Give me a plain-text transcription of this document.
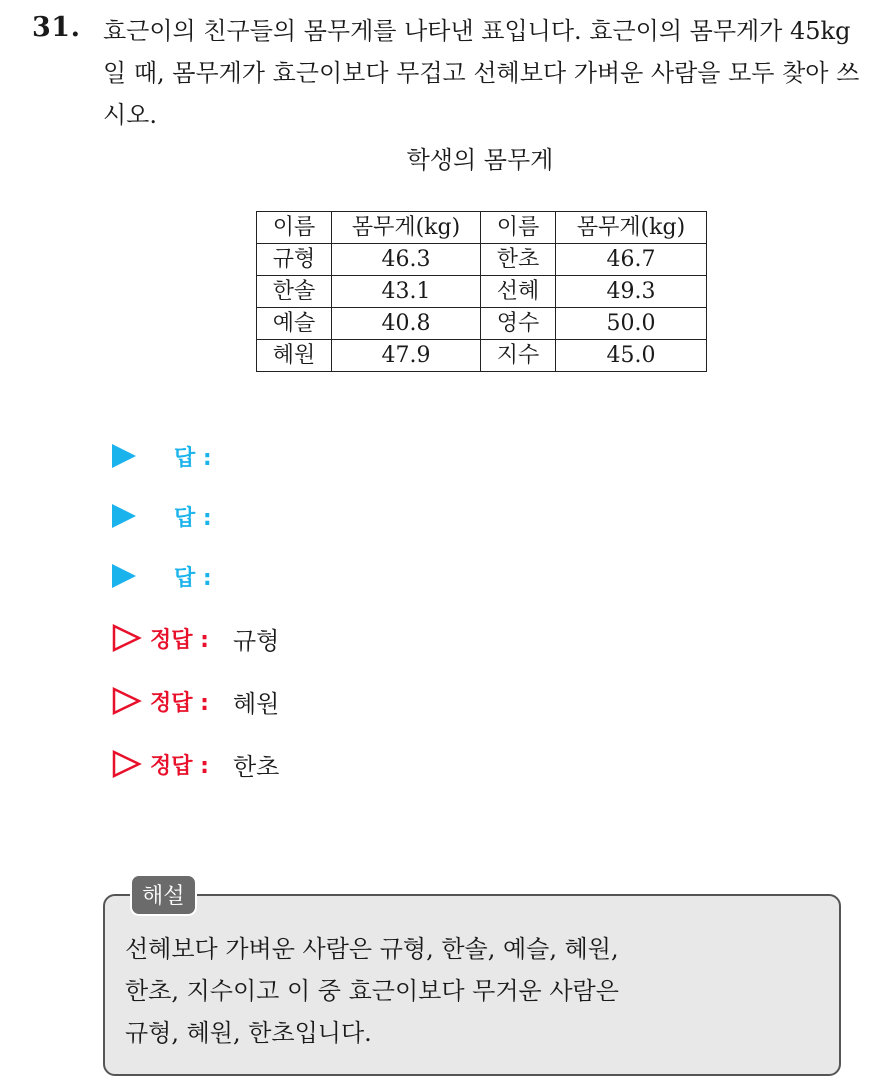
31. 효근이의 친구들의 몸무게를 나타낸 표입니다. 효근이의 몸무게가 45kg 일 때, 몸무게가 효근이보다 무겁고 선혜보다 가벼운 사람을 모두 찾아 쓰시오.
학생의 몸무게
이름	몸무게(kg)	이름	몸무게(kg)
규형	46.3	한초	46.7
한솔	43.1	선혜	49.3
예슬	40.8	영수	50.0
혜원	47.9	지수	45.0
답 :
답 :
답 :
정답 : 규형
정답 : 혜원
정답 : 한초
해설
선혜보다 가벼운 사람은 규형, 한솔, 예슬, 혜원,
한초, 지수이고 이 중 효근이보다 무거운 사람은
규형, 혜원, 한초입니다.
